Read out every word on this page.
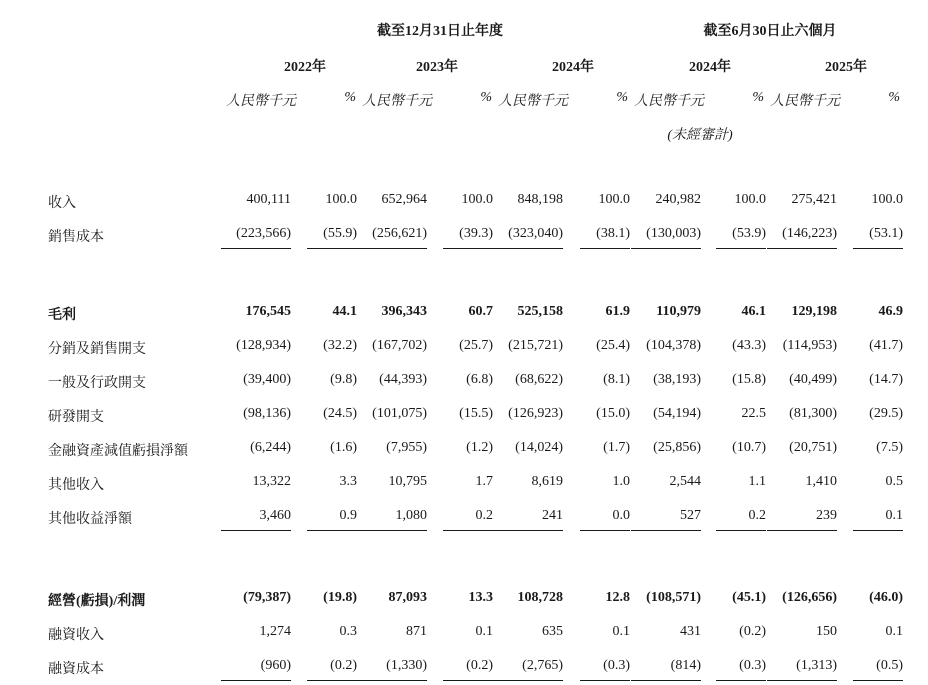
截至12月31日止年度	截至6月30日止六個月
2022年	2023年	2024年	2024年	2025年
人民幣千元	% 人民幣千元	% 人民幣千元	% 人民幣千元	% 人民幣千元	%
(未經審計)
收入	400,111	100.0	652,964	100.0	848,198	100.0	240,982	100.0	275,421	100.0
銷售成本	(223,566)	(55.9)	(256,621)	(39.3)	(323,040)	(38.1)	(130,003)	(53.9)	(146,223)	(53.1)
毛利	176,545	44.1	396,343	60.7	525,158	61.9	110,979	46.1	129,198	46.9
分銷及銷售開支	(128,934)	(32.2)	(167,702)	(25.7)	(215,721)	(25.4)	(104,378)	(43.3)	(114,953)	(41.7)
一般及行政開支	(39,400)	(9.8)	(44,393)	(6.8)	(68,622)	(8.1)	(38,193)	(15.8)	(40,499)	(14.7)
研發開支	(98,136)	(24.5)	(101,075)	(15.5)	(126,923)	(15.0)	(54,194)	22.5	(81,300)	(29.5)
金融資產減值虧損淨額	(6,244)	(1.6)	(7,955)	(1.2)	(14,024)	(1.7)	(25,856)	(10.7)	(20,751)	(7.5)
其他收入	13,322	3.3	10,795	1.7	8,619	1.0	2,544	1.1	1,410	0.5
其他收益淨額	3,460	0.9	1,080	0.2	241	0.0	527	0.2	239	0.1
經營(虧損)/利潤	(79,387)	(19.8)	87,093	13.3	108,728	12.8	(108,571)	(45.1)	(126,656)	(46.0)
融資收入	1,274	0.3	871	0.1	635	0.1	431	(0.2)	150	0.1
融資成本	(960)	(0.2)	(1,330)	(0.2)	(2,765)	(0.3)	(814)	(0.3)	(1,313)	(0.5)
